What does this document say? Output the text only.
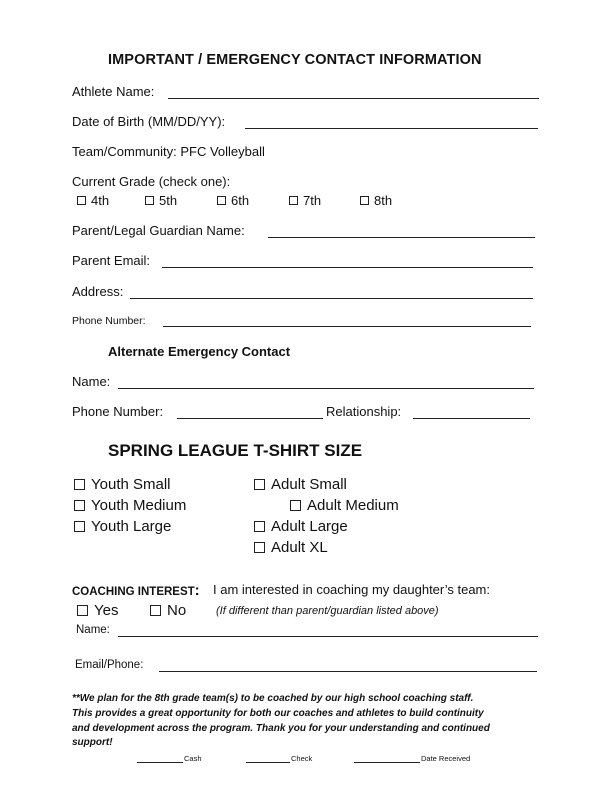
IMPORTANT / EMERGENCY CONTACT INFORMATION
Athlete Name:
Date of Birth (MM/DD/YY):
Team/Community: PFC Volleyball
Current Grade (check one):
4th	5th	6th	7th	8th
Parent/Legal Guardian Name:
Parent Email:
Address:
Phone Number:
Alternate Emergency Contact
Name:
Phone Number:	Relationship:
SPRING LEAGUE T-SHIRT SIZE
Youth Small
Youth Medium
Youth Large
Adult Small
Adult Medium
Adult Large
Adult XL
COACHING INTEREST: I am interested in coaching my daughter’s team:
Yes	No	(If different than parent/guardian listed above)
Name:
Email/Phone:
**We plan for the 8th grade team(s) to be coached by our high school coaching staff.
This provides a great opportunity for both our coaches and athletes to build continuity
and development across the program. Thank you for your understanding and continued
support!
Cash	Check	Date Received
